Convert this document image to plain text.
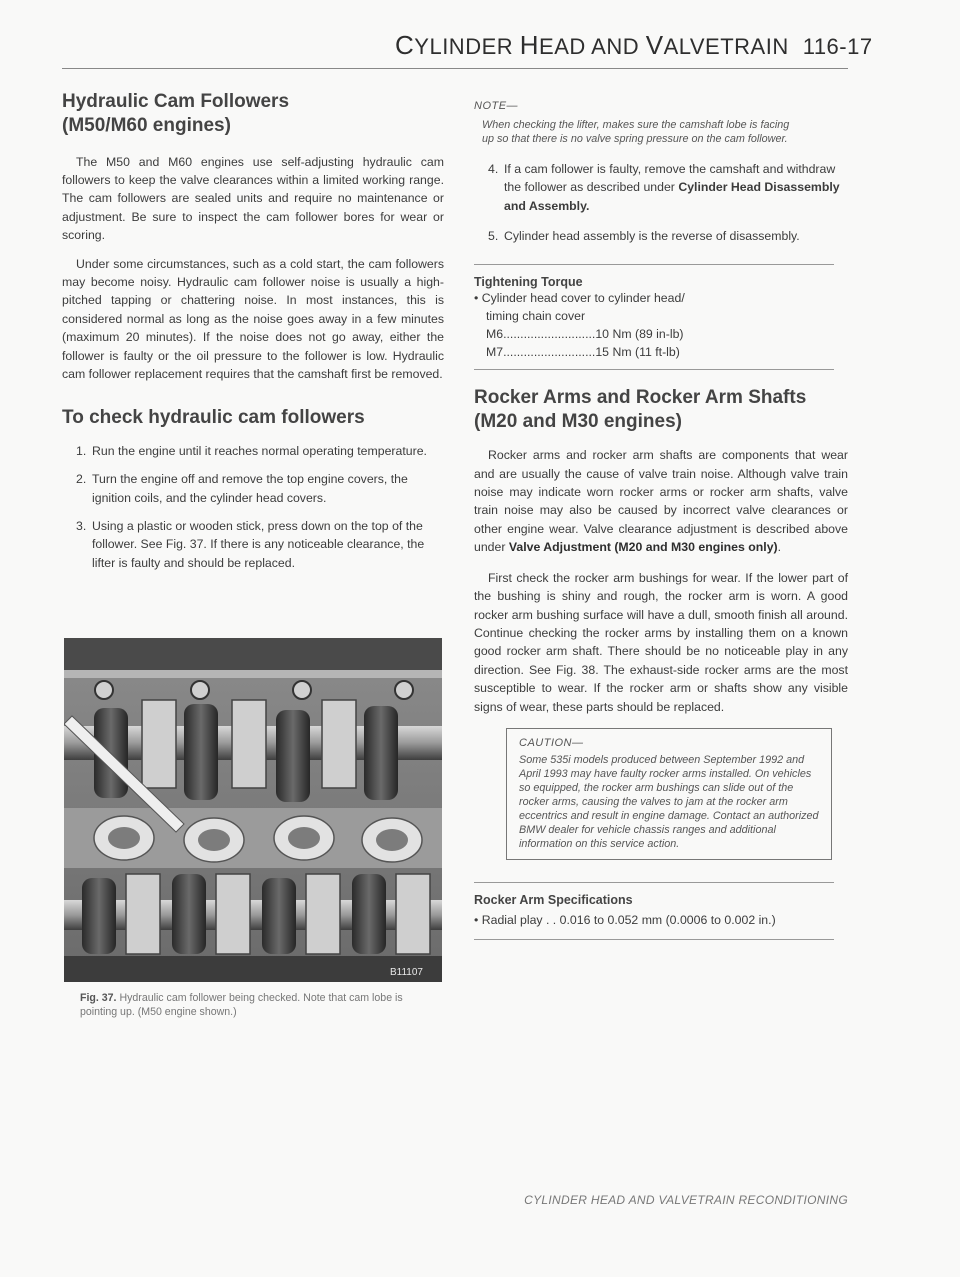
CYLINDER HEAD AND VALVETRAIN 116-17
Hydraulic Cam Followers
(M50/M60 engines)

The M50 and M60 engines use self-adjusting hydraulic cam followers to keep the valve clearances within a limited working range. The cam followers are sealed units and require no maintenance or adjustment. Be sure to inspect the cam follower bores for wear or scoring.

Under some circumstances, such as a cold start, the cam followers may become noisy. Hydraulic cam follower noise is usually a high-pitched tapping or chattering noise. In most instances, this is considered normal as long as the noise goes away in a few minutes (maximum 20 minutes). If the noise does not go away, either the follower is faulty or the oil pressure to the follower is low. Hydraulic cam follower replacement requires that the camshaft first be removed.

To check hydraulic cam followers
1. Run the engine until it reaches normal operating temperature.
2. Turn the engine off and remove the top engine covers, the ignition coils, and the cylinder head covers.
3. Using a plastic or wooden stick, press down on the top of the follower. See Fig. 37. If there is any noticeable clearance, the lifter is faulty and should be replaced.
B11107
Fig. 37. Hydraulic cam follower being checked. Note that cam lobe is pointing up. (M50 engine shown.)
NOTE—
When checking the lifter, makes sure the camshaft lobe is facing up so that there is no valve spring pressure on the cam follower.
4. If a cam follower is faulty, remove the camshaft and withdraw the follower as described under Cylinder Head Disassembly and Assembly.
5. Cylinder head assembly is the reverse of disassembly.
Tightening Torque
• Cylinder head cover to cylinder head/
timing chain cover
M6...........................10 Nm (89 in-lb)
M7...........................15 Nm (11 ft-lb)
Rocker Arms and Rocker Arm Shafts
(M20 and M30 engines)

Rocker arms and rocker arm shafts are components that wear and are usually the cause of valve train noise. Although valve train noise may indicate worn rocker arms or rocker arm shafts, valve train noise may also be caused by incorrect valve clearances or other engine wear. Valve clearance adjustment is described above under Valve Adjustment (M20 and M30 engines only).

First check the rocker arm bushings for wear. If the lower part of the bushing is shiny and rough, the rocker arm is worn. A good rocker arm bushing surface will have a dull, smooth finish all around. Continue checking the rocker arms by installing them on a known good rocker arm shaft. There should be no noticeable play in any direction. See Fig. 38. The exhaust-side rocker arms are the most susceptible to wear. If the rocker arm or shafts show any visible signs of wear, these parts should be replaced.

CAUTION—
Some 535i models produced between September 1992 and April 1993 may have faulty rocker arms installed. On vehicles so equipped, the rocker arm bushings can slide out of the rocker arms, causing the valves to jam at the rocker arm eccentrics and result in engine damage. Contact an authorized BMW dealer for vehicle chassis ranges and additional information on this service action.
Rocker Arm Specifications
• Radial play . . 0.016 to 0.052 mm (0.0006 to 0.002 in.)
CYLINDER HEAD AND VALVETRAIN RECONDITIONING
